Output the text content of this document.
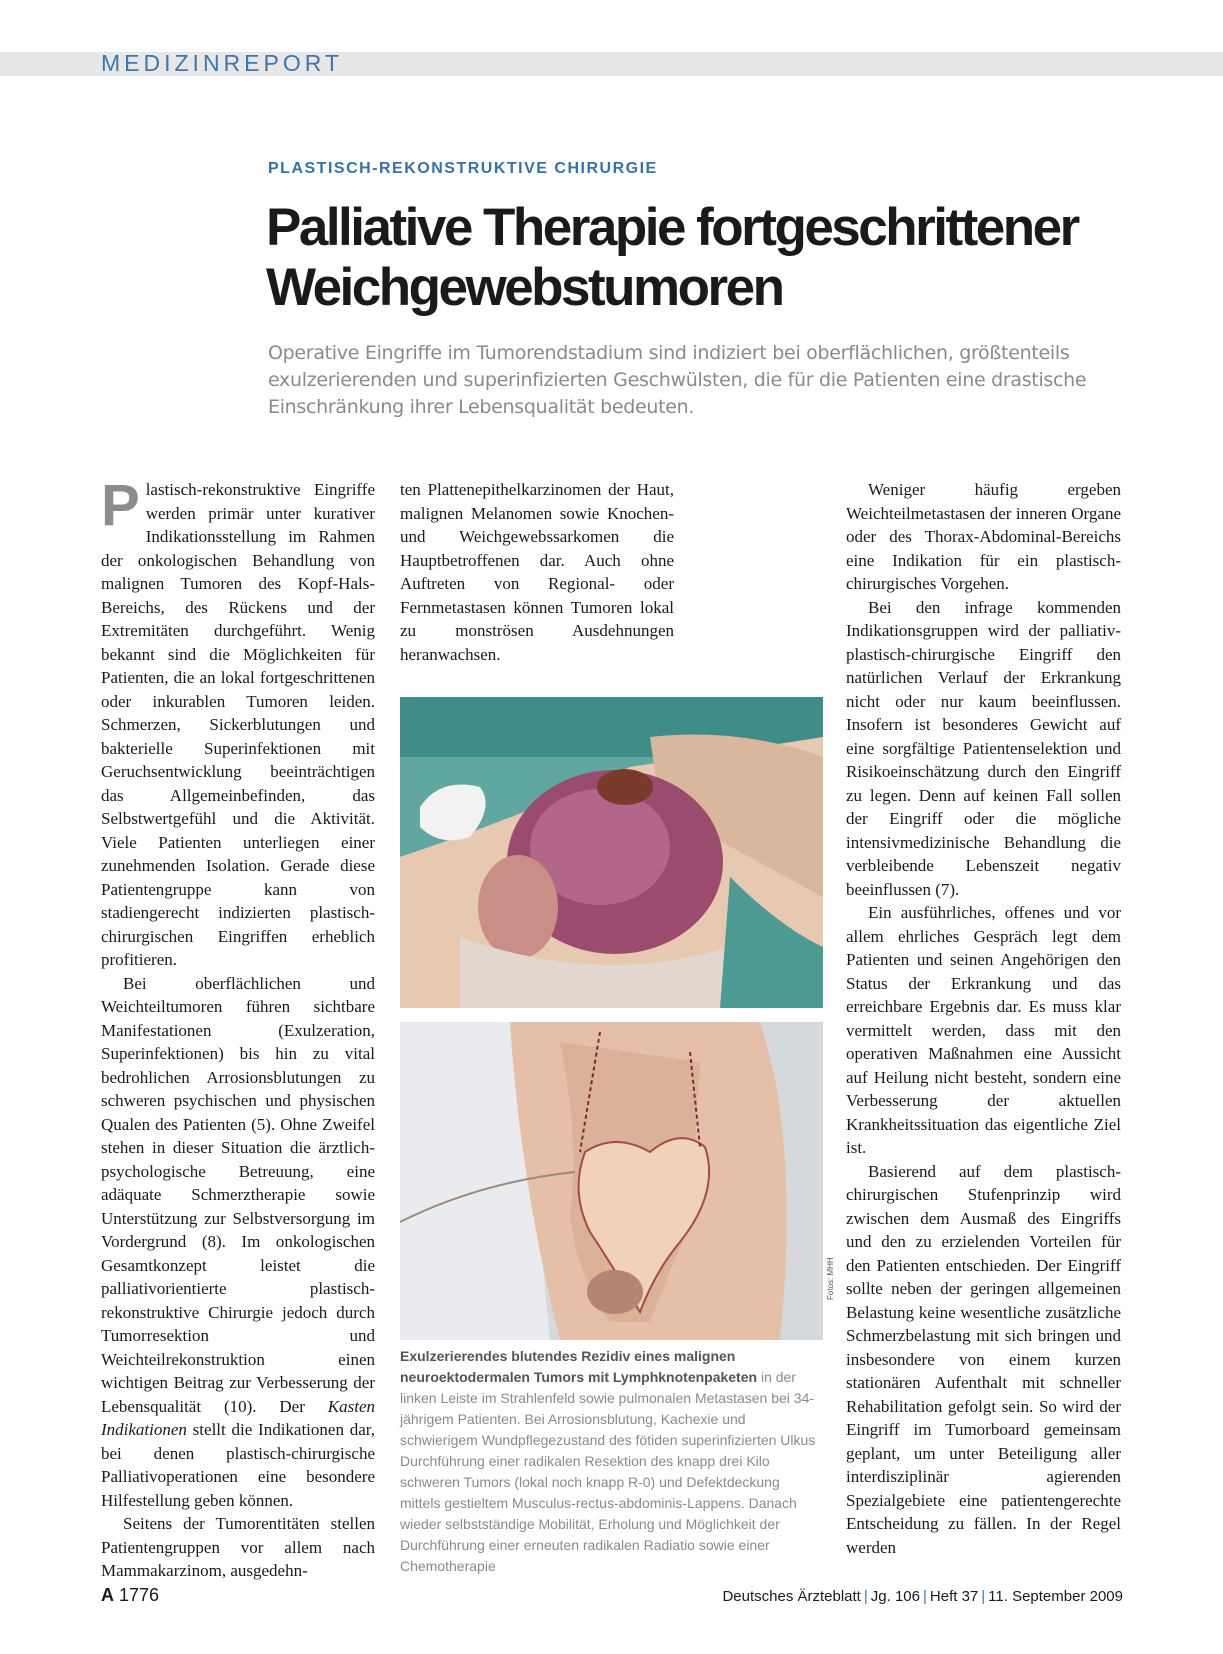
MEDIZINREPORT
PLASTISCH-REKONSTRUKTIVE CHIRURGIE
Palliative Therapie fortgeschrittener
Weichgewebstumoren

Operative Eingriffe im Tumorendstadium sind indiziert bei oberflächlichen, größtenteils exulzerierenden und superinfizierten Geschwülsten, die für die Patienten eine drastische Einschränkung ihrer Lebensqualität bedeuten.

Plastisch-rekonstruktive Eingriffe werden primär unter kurativer Indikationsstellung im Rahmen der onkologischen Behandlung von malignen Tumoren des Kopf-Hals-Bereichs, des Rückens und der Extremitäten durchgeführt. Wenig bekannt sind die Möglichkeiten für Patienten, die an lokal fortgeschrittenen oder inkurablen Tumoren leiden. Schmerzen, Sickerblutungen und bakterielle Superinfektionen mit Geruchsentwicklung beeinträchtigen das Allgemeinbefinden, das Selbstwertgefühl und die Aktivität. Viele Patienten unterliegen einer zunehmenden Isolation. Gerade diese Patientengruppe kann von stadiengerecht indizierten plastisch-chirurgischen Eingriffen erheblich profitieren.

Bei oberflächlichen und Weichteiltumoren führen sichtbare Manifestationen (Exulzeration, Superinfektionen) bis hin zu vital bedrohlichen Arrosionsblutungen zu schweren psychischen und physischen Qualen des Patienten (5). Ohne Zweifel stehen in dieser Situation die ärztlich-psychologische Betreuung, eine adäquate Schmerztherapie sowie Unterstützung zur Selbstversorgung im Vordergrund (8). Im onkologischen Gesamtkonzept leistet die palliativorientierte plastisch-rekonstruktive Chirurgie jedoch durch Tumorresektion und Weichteilrekonstruktion einen wichtigen Beitrag zur Verbesserung der Lebensqualität (10). Der Kasten Indikationen stellt die Indikationen dar, bei denen plastisch-chirurgische Palliativoperationen eine besondere Hilfestellung geben können.

Seitens der Tumorentitäten stellen Patientengruppen vor allem nach Mammakarzinom, ausgedehn-

ten Plattenepithelkarzinomen der Haut, malignen Melanomen sowie Knochen- und Weichgewebssarkomen die Hauptbetroffenen dar. Auch ohne Auftreten von Regional- oder Fernmetastasen können Tumoren lokal zu monströsen Ausdehnungen heranwachsen.

Fotos: MHH

Exulzerierendes blutendes Rezidiv eines malignen neuroektodermalen Tumors mit Lymphknotenpaketen in der linken Leiste im Strahlenfeld sowie pulmonalen Metastasen bei 34-jährigem Patienten. Bei Arrosionsblutung, Kachexie und schwierigem Wundpflegezustand des fötiden superinfizierten Ulkus Durchführung einer radikalen Resektion des knapp drei Kilo schweren Tumors (lokal noch knapp R-0) und Defektdeckung mittels gestieltem Musculus-rectus-abdominis-Lappens. Danach wieder selbstständige Mobilität, Erholung und Möglichkeit der Durchführung einer erneuten radikalen Radiatio sowie einer Chemotherapie

Weniger häufig ergeben Weichteilmetastasen der inneren Organe oder des Thorax-Abdominal-Bereichs eine Indikation für ein plastisch-chirurgisches Vorgehen.

Bei den infrage kommenden Indikationsgruppen wird der palliativ-plastisch-chirurgische Eingriff den natürlichen Verlauf der Erkrankung nicht oder nur kaum beeinflussen. Insofern ist besonderes Gewicht auf eine sorgfältige Patientenselektion und Risikoeinschätzung durch den Eingriff zu legen. Denn auf keinen Fall sollen der Eingriff oder die mögliche intensivmedizinische Behandlung die verbleibende Lebenszeit negativ beeinflussen (7).

Ein ausführliches, offenes und vor allem ehrliches Gespräch legt dem Patienten und seinen Angehörigen den Status der Erkrankung und das erreichbare Ergebnis dar. Es muss klar vermittelt werden, dass mit den operativen Maßnahmen eine Aussicht auf Heilung nicht besteht, sondern eine Verbesserung der aktuellen Krankheitssituation das eigentliche Ziel ist.

Basierend auf dem plastisch-chirurgischen Stufenprinzip wird zwischen dem Ausmaß des Eingriffs und den zu erzielenden Vorteilen für den Patienten entschieden. Der Eingriff sollte neben der geringen allgemeinen Belastung keine wesentliche zusätzliche Schmerzbelastung mit sich bringen und insbesondere von einem kurzen stationären Aufenthalt mit schneller Rehabilitation gefolgt sein. So wird der Eingriff im Tumorboard gemeinsam geplant, um unter Beteiligung aller interdisziplinär agierenden Spezialgebiete eine patientengerechte Entscheidung zu fällen. In der Regel werden

A 1776	Deutsches Ärzteblatt | Jg. 106 | Heft 37 | 11. September 2009
